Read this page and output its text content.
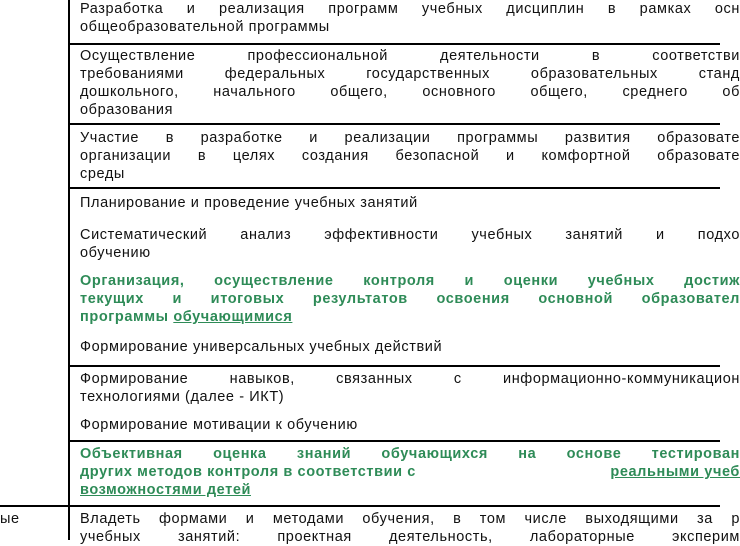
Разработка и реализация программ учебных дисциплин в рамках осн
общеобразовательной программы
Осуществление профессиональной деятельности в соответстви
требованиями федеральных государственных образовательных станд
дошкольного, начального общего, основного общего, среднего об
образования
Участие в разработке и реализации программы развития образовате
организации в целях создания безопасной и комфортной образовате
среды
Планирование и проведение учебных занятий
Систематический анализ эффективности учебных занятий и подхо
обучению
Организация, осуществление контроля и оценки учебных достиж
текущих и итоговых результатов освоения основной образовател
программы обучающимися
Формирование универсальных учебных действий
Формирование навыков, связанных с информационно-коммуникацион
технологиями (далее - ИКТ)
Формирование мотивации к обучению
Объективная оценка знаний обучающихся на основе тестирован
других методов контроля в соответствии с	реальными учеб
возможностями детей
ые	Владеть формами и методами обучения, в том числе выходящими за р
учебных занятий: проектная деятельность, лабораторные эксперим
